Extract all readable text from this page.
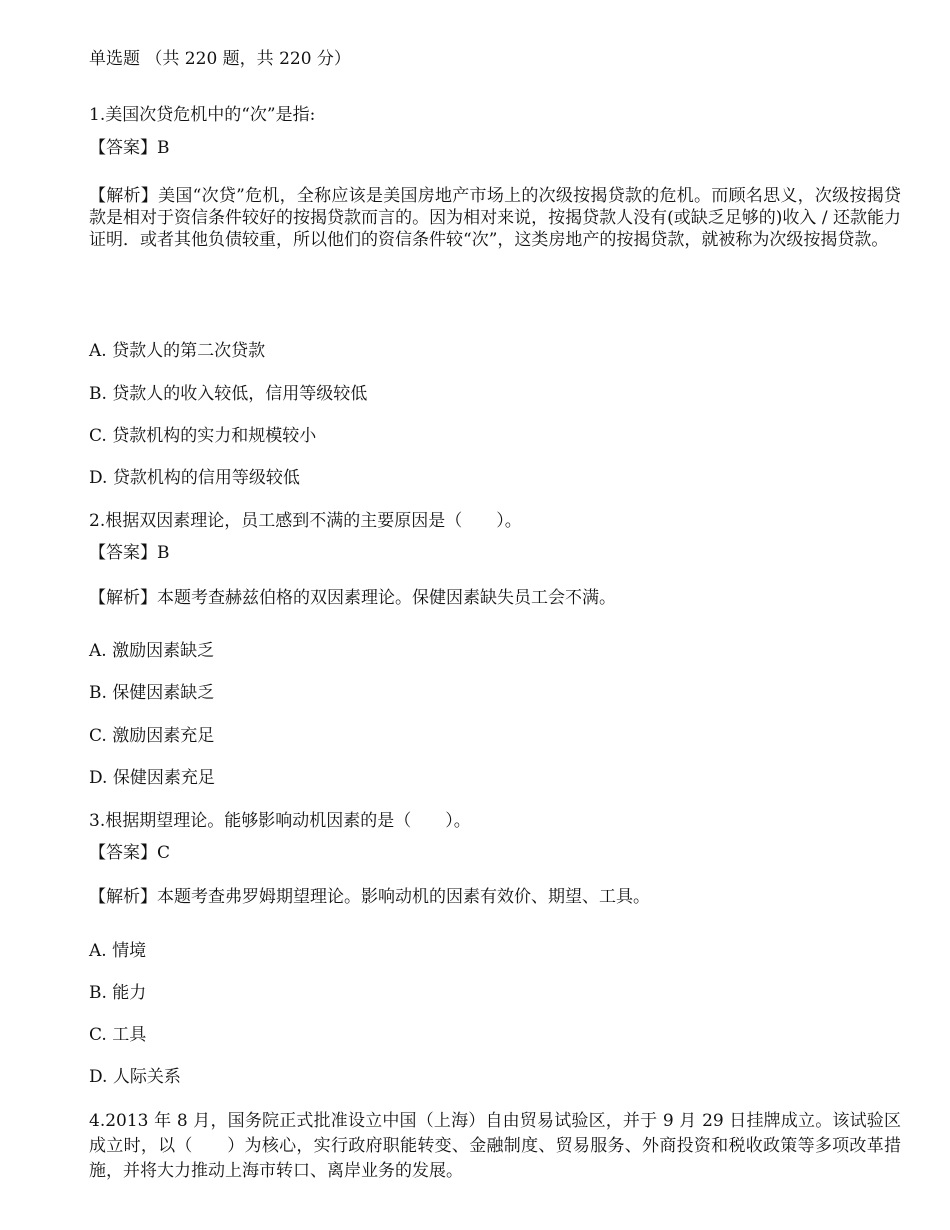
单选题 （共 220 题，共 220 分）
1.美国次贷危机中的“次”是指:
【答案】B
【解析】美国“次贷”危机，全称应该是美国房地产市场上的次级按揭贷款的危机。而顾名思义，次级按揭贷款是相对于资信条件较好的按揭贷款而言的。因为相对来说，按揭贷款人没有(或缺乏足够的)收入 / 还款能力证明．或者其他负债较重，所以他们的资信条件较“次”，这类房地产的按揭贷款，就被称为次级按揭贷款。
A. 贷款人的第二次贷款
B. 贷款人的收入较低，信用等级较低
C. 贷款机构的实力和规模较小
D. 贷款机构的信用等级较低
2.根据双因素理论，员工感到不满的主要原因是（　　）。
【答案】B
【解析】本题考查赫兹伯格的双因素理论。保健因素缺失员工会不满。
A. 激励因素缺乏
B. 保健因素缺乏
C. 激励因素充足
D. 保健因素充足
3.根据期望理论。能够影响动机因素的是（　　）。
【答案】C
【解析】本题考查弗罗姆期望理论。影响动机的因素有效价、期望、工具。
A. 情境
B. 能力
C. 工具
D. 人际关系
4.2013 年 8 月，国务院正式批准设立中国（上海）自由贸易试验区，并于 9 月 29 日挂牌成立。该试验区成立时，以（　　）为核心，实行政府职能转变、金融制度、贸易服务、外商投资和税收政策等多项改革措施，并将大力推动上海市转口、离岸业务的发展。
